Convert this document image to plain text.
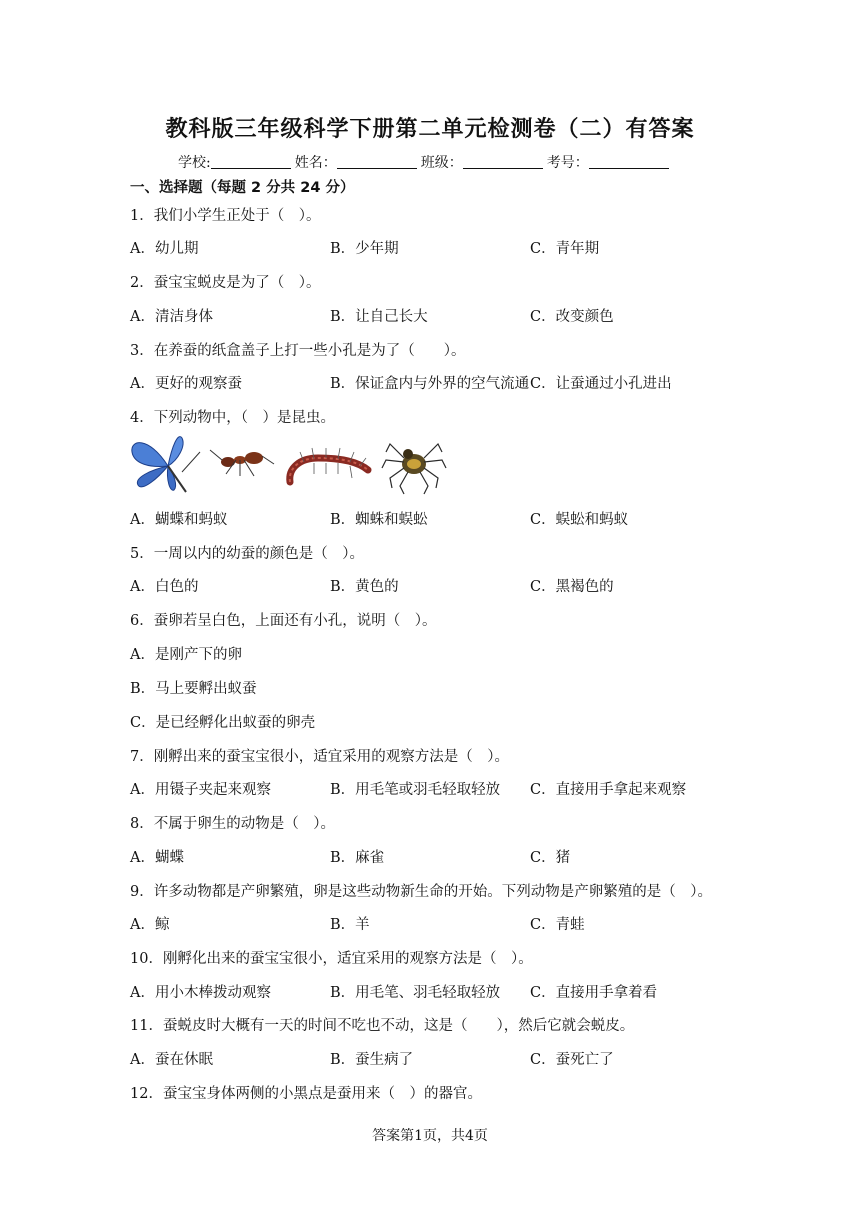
教科版三年级科学下册第二单元检测卷（二）有答案
学校:	姓名：	班级：	考号：
一、选择题（每题 2 分共 24 分）
1．我们小学生正处于（　）。
A．幼儿期	B．少年期	C．青年期
2．蚕宝宝蜕皮是为了（　）。
A．清洁身体	B．让自己长大	C．改变颜色
3．在养蚕的纸盒盖子上打一些小孔是为了（　　）。
A．更好的观察蚕	B．保证盒内与外界的空气流通 C．让蚕通过小孔进出
4．下列动物中，（　）是昆虫。
A．蝴蝶和蚂蚁	B．蜘蛛和蜈蚣	C．蜈蚣和蚂蚁
5．一周以内的幼蚕的颜色是（　）。
A．白色的	B．黄色的	C．黑褐色的
6．蚕卵若呈白色，上面还有小孔，说明（　）。
A．是刚产下的卵
B．马上要孵出蚁蚕
C．是已经孵化出蚁蚕的卵壳
7．刚孵出来的蚕宝宝很小，适宜采用的观察方法是（　）。
A．用镊子夹起来观察	B．用毛笔或羽毛轻取轻放 C．直接用手拿起来观察
8．不属于卵生的动物是（　）。
A．蝴蝶	B．麻雀	C．猪
9．许多动物都是产卵繁殖，卵是这些动物新生命的开始。下列动物是产卵繁殖的是（　）。
A．鲸	B．羊	C．青蛙
10．刚孵化出来的蚕宝宝很小，适宜采用的观察方法是（　）。
A．用小木棒拨动观察	B．用毛笔、羽毛轻取轻放 C．直接用手拿着看
11．蚕蜕皮时大概有一天的时间不吃也不动，这是（　　），然后它就会蜕皮。
A．蚕在休眠	B．蚕生病了	C．蚕死亡了
12．蚕宝宝身体两侧的小黑点是蚕用来（　）的器官。
答案第1页，共4页
